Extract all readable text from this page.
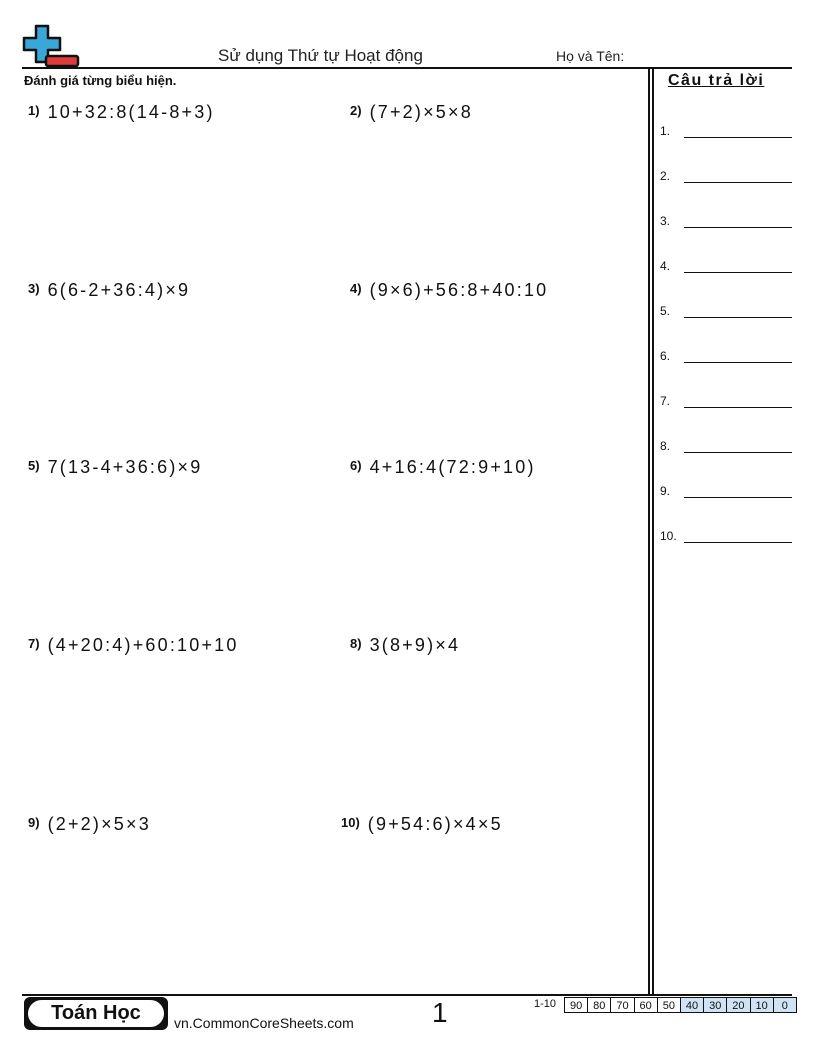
Sử dụng Thứ tự Hoạt động	Họ và Tên:
Đánh giá từng biểu hiện.
1) 10+32:8(14-8+3)	2) (7+2)×5×8
3) 6(6-2+36:4)×9	4) (9×6)+56:8+40:10
5) 7(13-4+36:6)×9	6) 4+16:4(72:9+10)
7) (4+20:4)+60:10+10	8) 3(8+9)×4
9) (2+2)×5×3	10) (9+54:6)×4×5
Câu trả lời
1.
2.
3.
4.
5.
6.
7.
8.
9.
10.
Toán Học	vn.CommonCoreSheets.com	1	1-10	90 80 70 60 50 40 30 20 10	0
